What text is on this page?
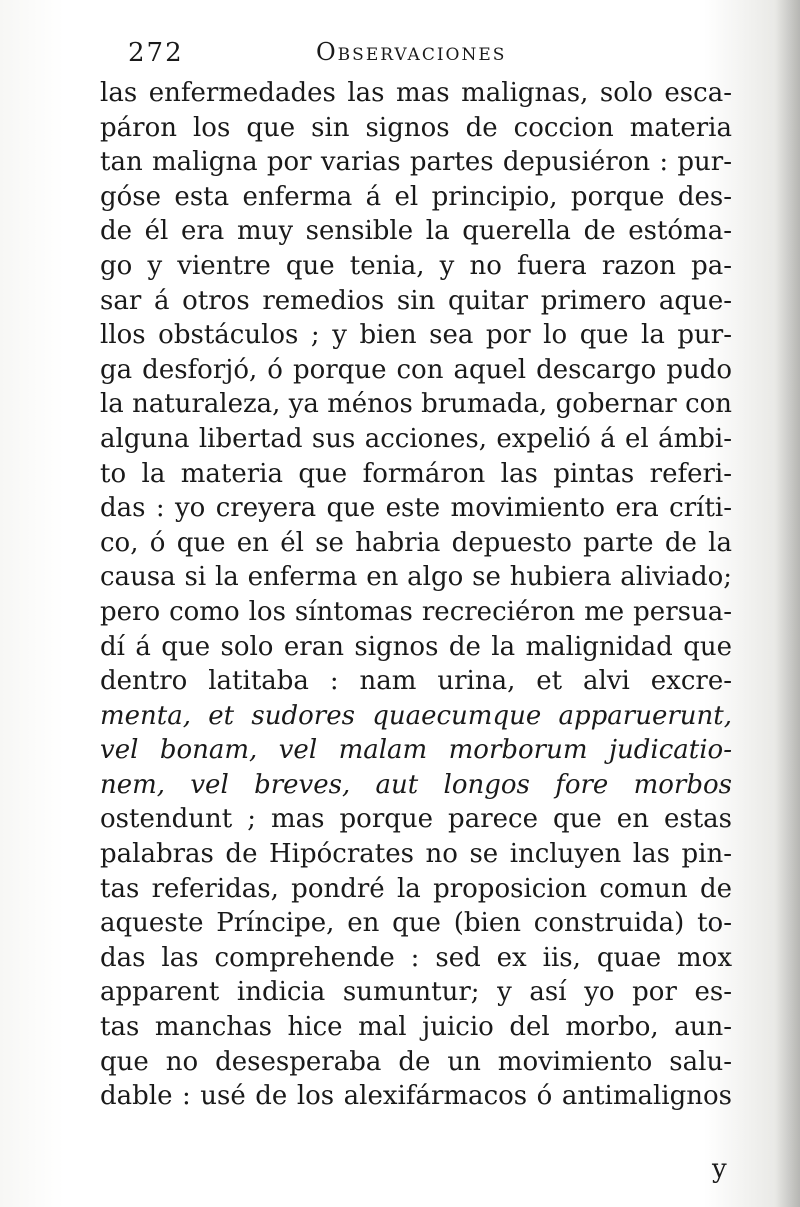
272	Observaciones
las enfermedades las mas malignas, solo esca-
páron los que sin signos de coccion materia
tan maligna por varias partes depusiéron : pur-
góse esta enferma á el principio, porque des-
de él era muy sensible la querella de estóma-
go y vientre que tenia, y no fuera razon pa-
sar á otros remedios sin quitar primero aque-
llos obstáculos ; y bien sea por lo que la pur-
ga desforjó, ó porque con aquel descargo pudo
la naturaleza, ya ménos brumada, gobernar con
alguna libertad sus acciones, expelió á el ámbi-
to la materia que formáron las pintas referi-
das : yo creyera que este movimiento era críti-
co, ó que en él se habria depuesto parte de la
causa si la enferma en algo se hubiera aliviado;
pero como los síntomas recreciéron me persua-
dí á que solo eran signos de la malignidad que
dentro latitaba : nam urina, et alvi excre-
menta, et sudores quaecumque apparuerunt,
vel bonam, vel malam morborum judicatio-
nem, vel breves, aut longos fore morbos
ostendunt ; mas porque parece que en estas
palabras de Hipócrates no se incluyen las pin-
tas referidas, pondré la proposicion comun de
aqueste Príncipe, en que (bien construida) to-
das las comprehende : sed ex iis, quae mox
apparent indicia sumuntur; y así yo por es-
tas manchas hice mal juicio del morbo, aun-
que no desesperaba de un movimiento salu-
dable : usé de los alexifármacos ó antimalignos
y
